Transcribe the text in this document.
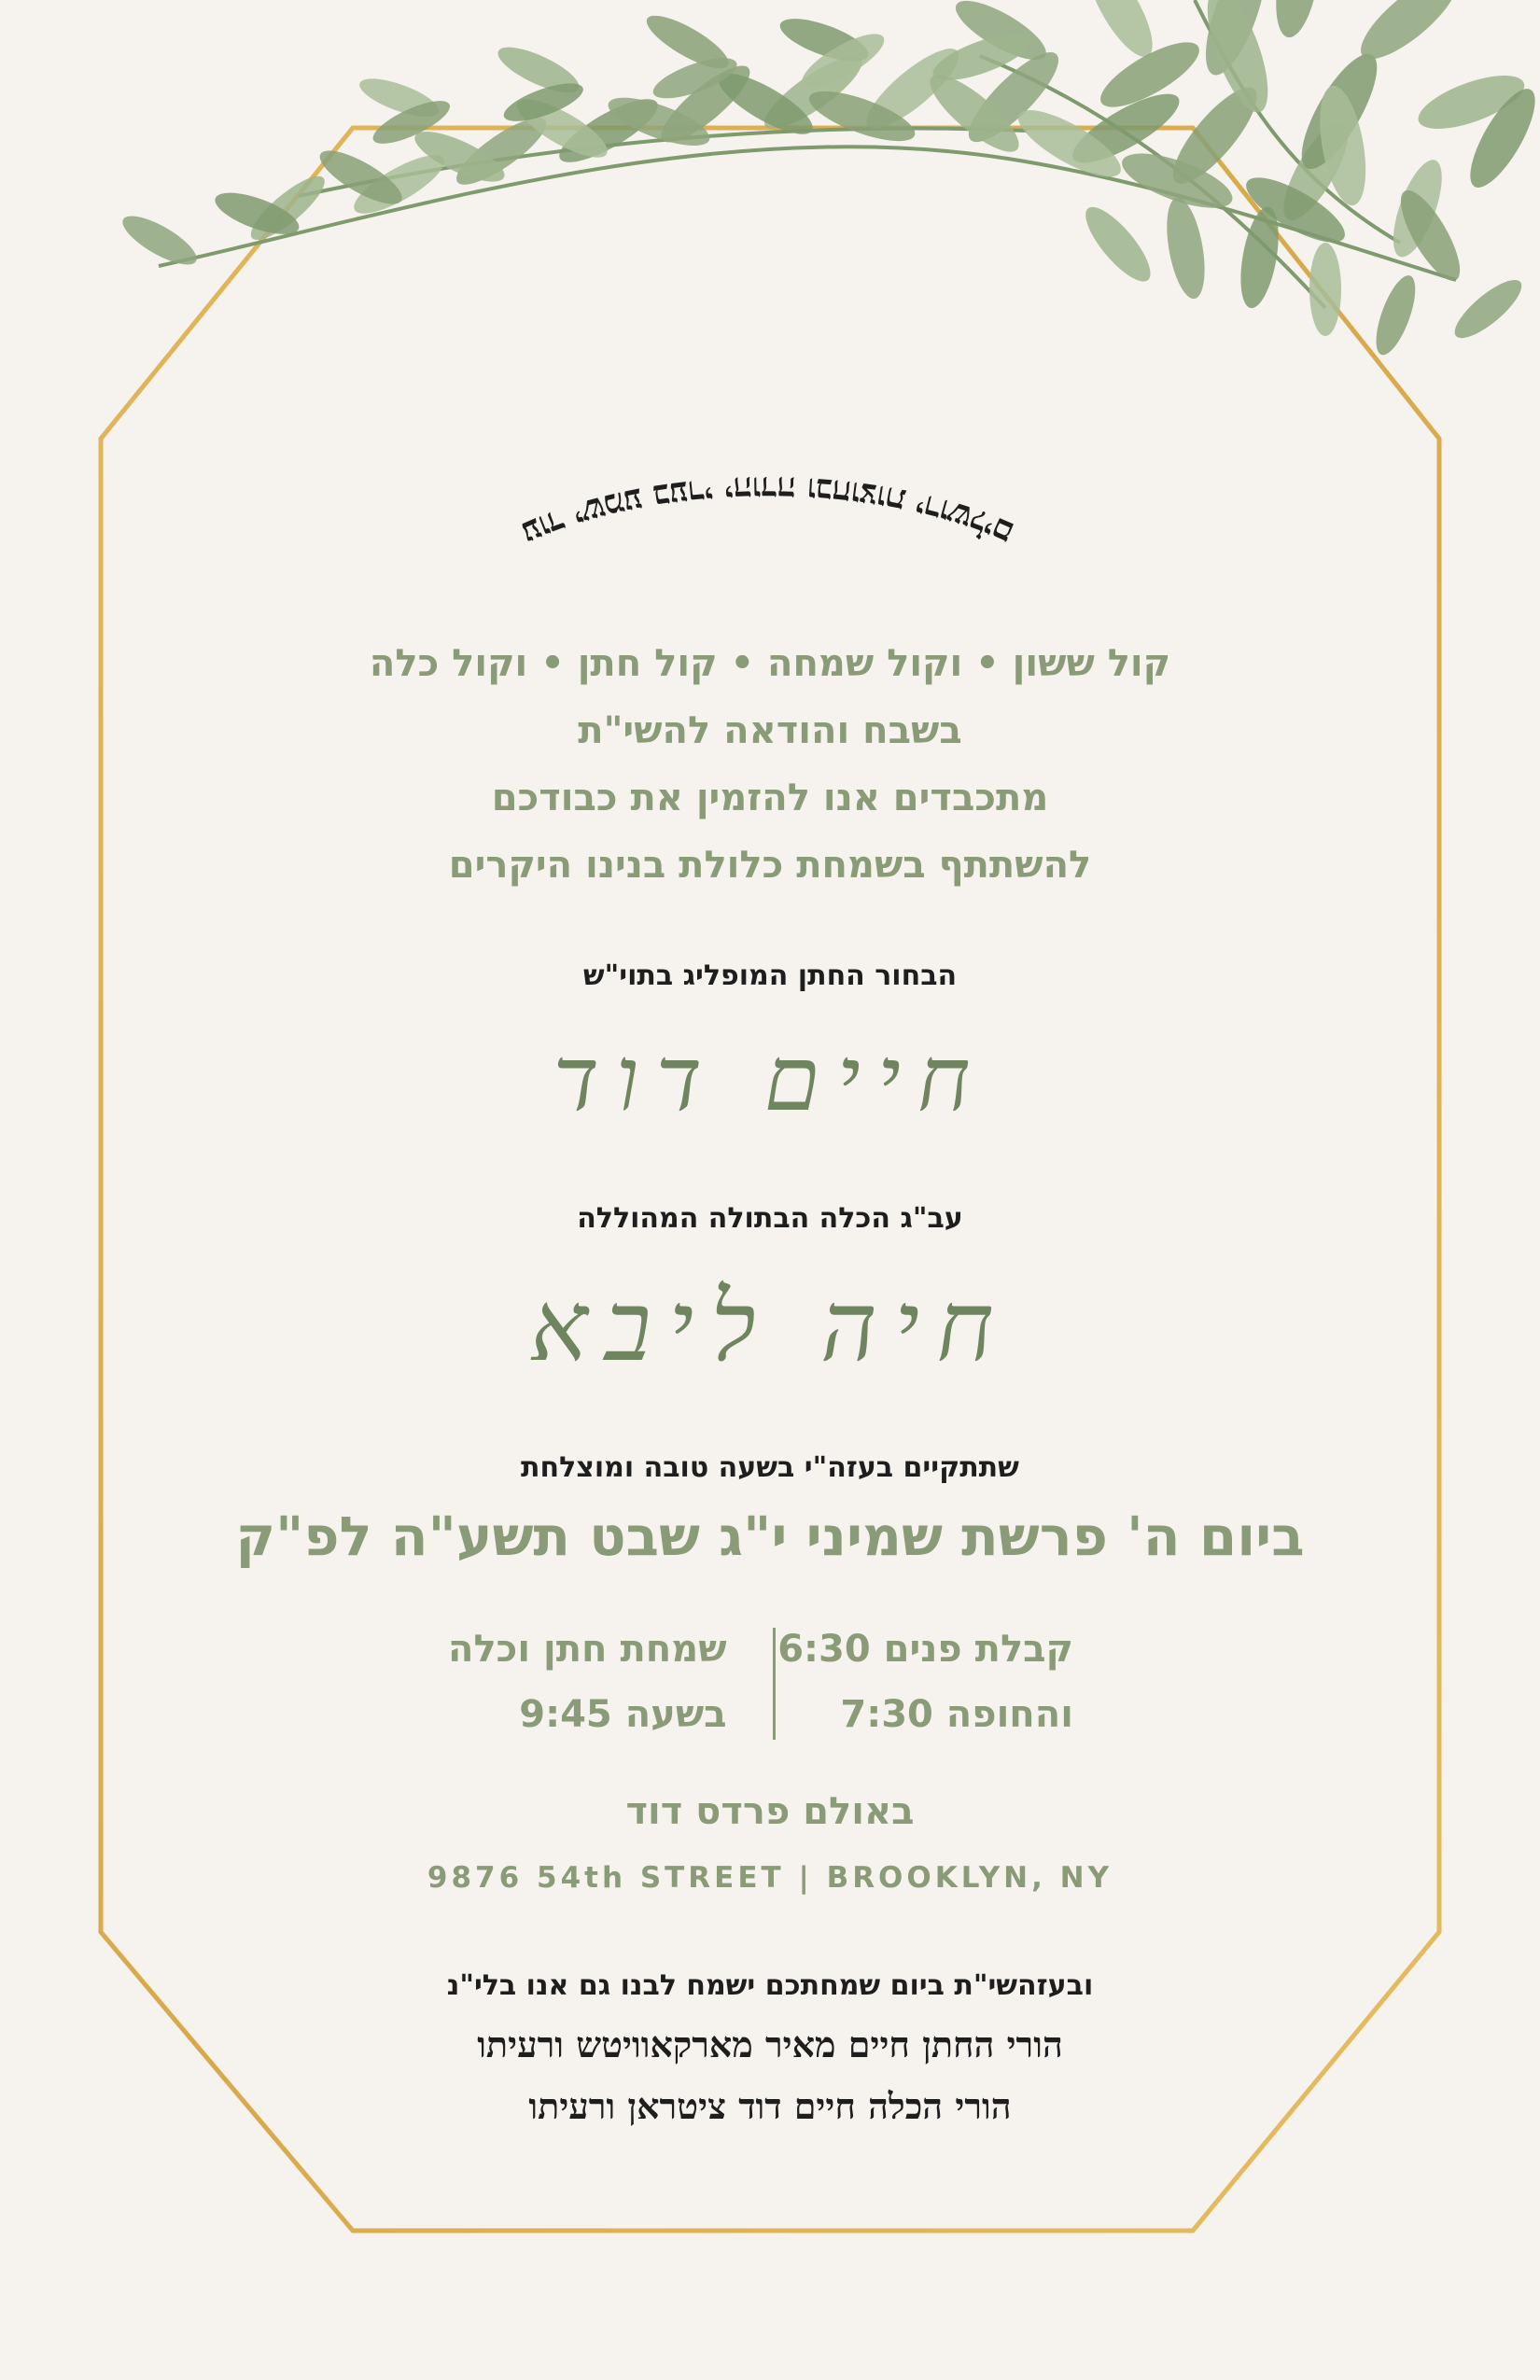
עוד ישמע בערי יהודה ובחוצות ירושלים
קול ששון • וקול שמחה • קול חתן • וקול כלה
בשבח והודאה להשי"ת
מתכבדים אנו להזמין את כבודכם
להשתתף בשמחת כלולת בנינו היקרים
הבחור החתן המופליג בתוי"ש
חיים דוד
עב"ג הכלה הבתולה המהוללה
חיה ליבא
שתתקיים בעזה"י בשעה טובה ומוצלחת
ביום ה' פרשת שמיני י"ג שבט תשע"ה לפ"ק
קבלת פנים 6:30
והחופה 7:30
שמחת חתן וכלה
בשעה 9:45
באולם פרדס דוד
9876 54th STREET | BROOKLYN, NY
ובעזהשי"ת ביום שמחתכם ישמח לבנו גם אנו בלי"נ
הורי החתן חיים מאיר מארקאוויטש ורעיתו
הורי הכלה חיים דוד ציטראן ורעיתו
